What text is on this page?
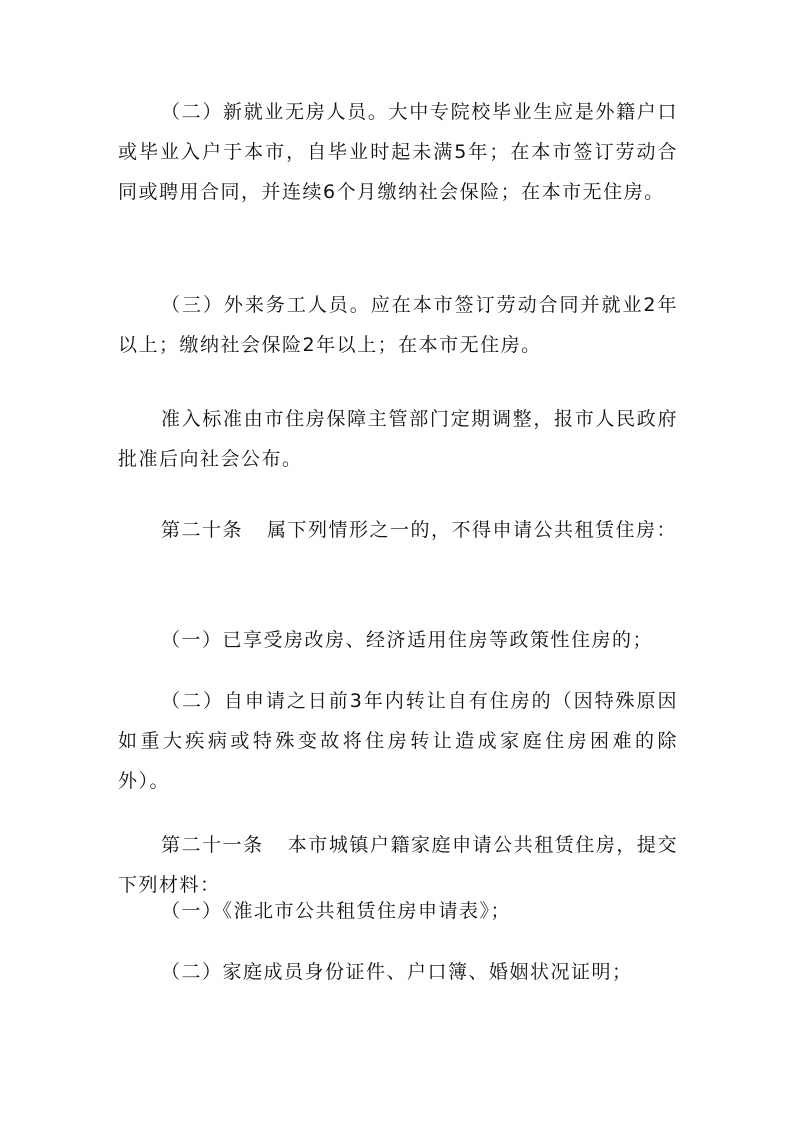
（二）新就业无房人员。大中专院校毕业生应是外籍户口或毕业入户于本市，自毕业时起未满5年；在本市签订劳动合同或聘用合同，并连续6个月缴纳社会保险；在本市无住房。

（三）外来务工人员。应在本市签订劳动合同并就业2年以上；缴纳社会保险2年以上；在本市无住房。

准入标准由市住房保障主管部门定期调整，报市人民政府批准后向社会公布。

第二十条 属下列情形之一的，不得申请公共租赁住房：

（一）已享受房改房、经济适用住房等政策性住房的；

（二）自申请之日前3年内转让自有住房的（因特殊原因如重大疾病或特殊变故将住房转让造成家庭住房困难的除外）。

第二十一条 本市城镇户籍家庭申请公共租赁住房，提交下列材料：

（一）《淮北市公共租赁住房申请表》；

（二）家庭成员身份证件、户口簿、婚姻状况证明；
